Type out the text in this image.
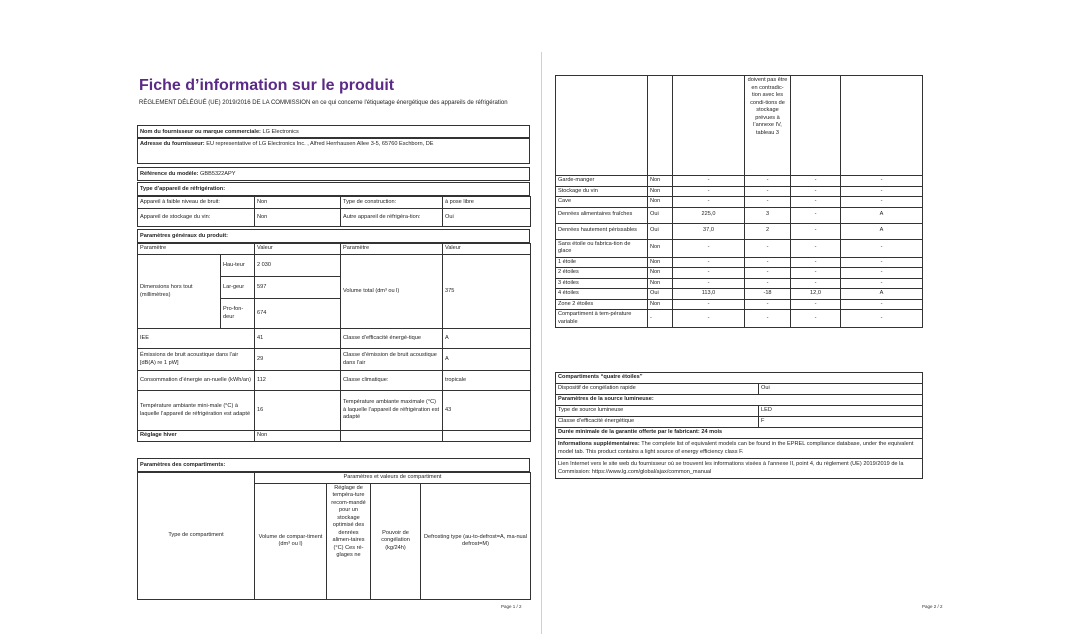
Fiche d’information sur le produit
RÈGLEMENT DÉLÉGUÉ (UE) 2019/2016 DE LA COMMISSION en ce qui concerne l'étiquetage énergétique des appareils de réfrigération
Nom du fournisseur ou marque commerciale: LG Electronics
Adresse du fournisseur: EU representative of LG Electronics Inc. , Alfred Herrhausen Allee 3-5, 65760 Eschborn, DE
Référence du modèle: GBB5322APY
Type d’appareil de réfrigération:
Appareil à faible niveau de bruit:	Non	Type de construction:	à pose libre
Appareil de stockage du vin:	Non	Autre appareil de réfrigéra-tion:	Oui
Paramètres généraux du produit:
Paramètre		Valeur	Paramètre	Valeur
Dimensions hors tout (millimètres)	Hau-teur	2 030	Volume total (dm³ ou l)	375
	Lar-geur	597		
	Pro-fon-deur	674		
IEE		41	Classe d’efficacité énergé-tique	A
Émissions de bruit acoustique dans l’air [dB(A) re 1 pW]		29	Classe d’émission de bruit acoustique dans l’air	A
Consommation d’énergie an-nuelle (kWh/an)		112	Classe climatique:	tropicale
Température ambiante mini-male (°C) à laquelle l’appareil de réfrigération est adapté		16	Température ambiante maximale (°C) à laquelle l’appareil de réfrigération est adapté	43
Réglage hiver		Non		
Paramètres des compartiments:
Type de compartiment	Paramètres et valeurs de compartiment			
	Volume de compar-timent (dm³ ou l)	Réglage de tempéra-ture recom-mandé pour un stockage optimisé des denrées alimen-taires (°C) Ces ré-glages ne	Pouvoir de congélation (kg/24h)	Defrosting type (au-to-defrost=A, ma-nual defrost=M)
Page 1 / 2
			doivent pas être en contradic-tion avec les condi-tions de stockage prévues à l’annexe IV, tableau 3		
Garde-manger	Non	-	-	-	-
Stockage du vin	Non	-	-	-	-
Cave	Non	-	-	-	-
Denrées alimentaires fraîches	Oui	225,0	3	-	A
Denrées hautement périssables	Oui	37,0	2	-	A
Sans étoile ou fabrica-tion de glace	Non	-	-	-	-
1 étoile	Non	-	-	-	-
2 étoiles	Non	-	-	-	-
3 étoiles	Non	-	-	-	-
4 étoiles	Oui	113,0	-18	12,0	A
Zone 2 étoiles	Non	-	-	-	-
Compartiment à tem-pérature variable	-	-	-	-	-
Compartiments “quatre étoiles”	
Dispositif de congélation rapide	Oui
Paramètres de la source lumineuse:	
Type de source lumineuse	LED
Classe d’efficacité énergétique	F
Durée minimale de la garantie offerte par le fabricant: 24 mois	
Informations supplémentaires: The complete list of equivalent models can be found in the EPREL compliance database, under the equivalent model tab. This product contains a light source of energy efficiency class F.	
Lien Internet vers le site web du fournisseur où se trouvent les informations visées à l’annexe II, point 4, du règlement (UE) 2019/2019 de la Commission: https://www.lg.com/global/ajax/common_manual	
Page 2 / 2
